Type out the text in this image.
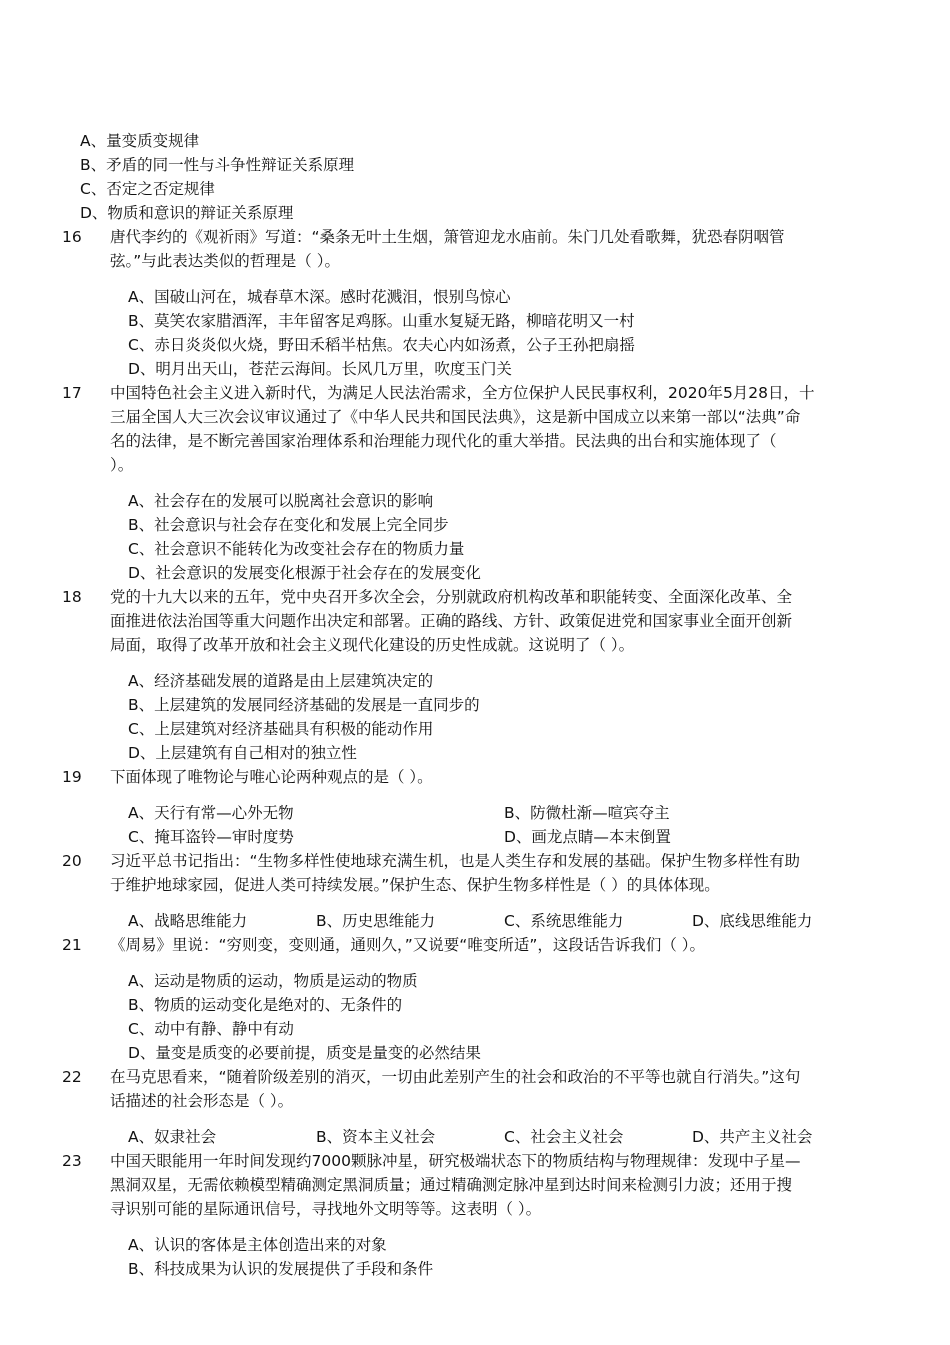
A、量变质变规律
B、矛盾的同一性与斗争性辩证关系原理
C、否定之否定规律
D、物质和意识的辩证关系原理
16 唐代李约的《观祈雨》写道：“桑条无叶土生烟，箫管迎龙水庙前。朱门几处看歌舞，犹恐春阴咽管
弦。”与此表达类似的哲理是（ ）。
A、国破山河在，城春草木深。感时花溅泪，恨别鸟惊心
B、莫笑农家腊酒浑，丰年留客足鸡豚。山重水复疑无路，柳暗花明又一村
C、赤日炎炎似火烧，野田禾稻半枯焦。农夫心内如汤煮，公子王孙把扇摇
D、明月出天山，苍茫云海间。长风几万里，吹度玉门关
17 中国特色社会主义进入新时代，为满足人民法治需求，全方位保护人民民事权利，2020年5月28日，十
三届全国人大三次会议审议通过了《中华人民共和国民法典》，这是新中国成立以来第一部以“法典”命
名的法律，是不断完善国家治理体系和治理能力现代化的重大举措。民法典的出台和实施体现了（
）。
A、社会存在的发展可以脱离社会意识的影响
B、社会意识与社会存在变化和发展上完全同步
C、社会意识不能转化为改变社会存在的物质力量
D、社会意识的发展变化根源于社会存在的发展变化
18 党的十九大以来的五年，党中央召开多次全会，分别就政府机构改革和职能转变、全面深化改革、全
面推进依法治国等重大问题作出决定和部署。正确的路线、方针、政策促进党和国家事业全面开创新
局面，取得了改革开放和社会主义现代化建设的历史性成就。这说明了（ ）。
A、经济基础发展的道路是由上层建筑决定的
B、上层建筑的发展同经济基础的发展是一直同步的
C、上层建筑对经济基础具有积极的能动作用
D、上层建筑有自己相对的独立性
19 下面体现了唯物论与唯心论两种观点的是（ ）。
A、天行有常—心外无物	B、防微杜渐—喧宾夺主
C、掩耳盗铃—审时度势	D、画龙点睛—本末倒置
20 习近平总书记指出：“生物多样性使地球充满生机，也是人类生存和发展的基础。保护生物多样性有助
于维护地球家园，促进人类可持续发展。”保护生态、保护生物多样性是（ ）的具体体现。
A、战略思维能力	B、历史思维能力	C、系统思维能力	D、底线思维能力
21 《周易》里说：“穷则变，变则通，通则久，”又说要“唯变所适”，这段话告诉我们（ ）。
A、运动是物质的运动，物质是运动的物质
B、物质的运动变化是绝对的、无条件的
C、动中有静、静中有动
D、量变是质变的必要前提，质变是量变的必然结果
22 在马克思看来，“随着阶级差别的消灭，一切由此差别产生的社会和政治的不平等也就自行消失。”这句
话描述的社会形态是（ ）。
A、奴隶社会	B、资本主义社会	C、社会主义社会	D、共产主义社会
23 中国天眼能用一年时间发现约7000颗脉冲星，研究极端状态下的物质结构与物理规律：发现中子星—
黑洞双星，无需依赖模型精确测定黑洞质量；通过精确测定脉冲星到达时间来检测引力波；还用于搜
寻识别可能的星际通讯信号，寻找地外文明等等。这表明（ ）。
A、认识的客体是主体创造出来的对象
B、科技成果为认识的发展提供了手段和条件
